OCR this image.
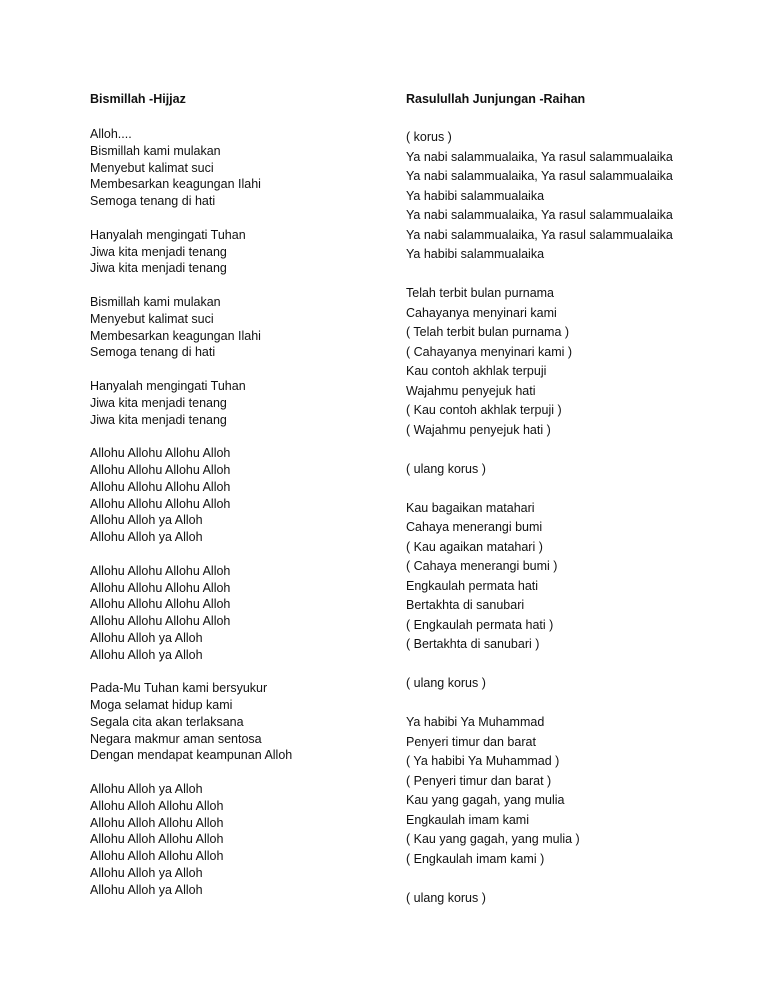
Bismillah -Hijjaz

Alloh....
Bismillah kami mulakan
Menyebut kalimat suci
Membesarkan keagungan Ilahi
Semoga tenang di hati
Hanyalah mengingati Tuhan
Jiwa kita menjadi tenang
Jiwa kita menjadi tenang
Bismillah kami mulakan
Menyebut kalimat suci
Membesarkan keagungan Ilahi
Semoga tenang di hati
Hanyalah mengingati Tuhan
Jiwa kita menjadi tenang
Jiwa kita menjadi tenang
Allohu Allohu Allohu Alloh
Allohu Allohu Allohu Alloh
Allohu Allohu Allohu Alloh
Allohu Allohu Allohu Alloh
Allohu Alloh ya Alloh
Allohu Alloh ya Alloh
Allohu Allohu Allohu Alloh
Allohu Allohu Allohu Alloh
Allohu Allohu Allohu Alloh
Allohu Allohu Allohu Alloh
Allohu Alloh ya Alloh
Allohu Alloh ya Alloh
Pada-Mu Tuhan kami bersyukur
Moga selamat hidup kami
Segala cita akan terlaksana
Negara makmur aman sentosa
Dengan mendapat keampunan Alloh
Allohu Alloh ya Alloh
Allohu Alloh Allohu Alloh
Allohu Alloh Allohu Alloh
Allohu Alloh Allohu Alloh
Allohu Alloh Allohu Alloh
Allohu Alloh ya Alloh
Allohu Alloh ya Alloh

Rasulullah Junjungan -Raihan

( korus )
Ya nabi salammualaika, Ya rasul salammualaika
Ya nabi salammualaika, Ya rasul salammualaika
Ya habibi salammualaika
Ya nabi salammualaika, Ya rasul salammualaika
Ya nabi salammualaika, Ya rasul salammualaika
Ya habibi salammualaika
Telah terbit bulan purnama
Cahayanya menyinari kami
( Telah terbit bulan purnama )
( Cahayanya menyinari kami )
Kau contoh akhlak terpuji
Wajahmu penyejuk hati
( Kau contoh akhlak terpuji )
( Wajahmu penyejuk hati )
( ulang korus )
Kau bagaikan matahari
Cahaya menerangi bumi
( Kau agaikan matahari )
( Cahaya menerangi bumi )
Engkaulah permata hati
Bertakhta di sanubari
( Engkaulah permata hati )
( Bertakhta di sanubari )
( ulang korus )
Ya habibi Ya Muhammad
Penyeri timur dan barat
( Ya habibi Ya Muhammad )
( Penyeri timur dan barat )
Kau yang gagah, yang mulia
Engkaulah imam kami
( Kau yang gagah, yang mulia )
( Engkaulah imam kami )
( ulang korus )
